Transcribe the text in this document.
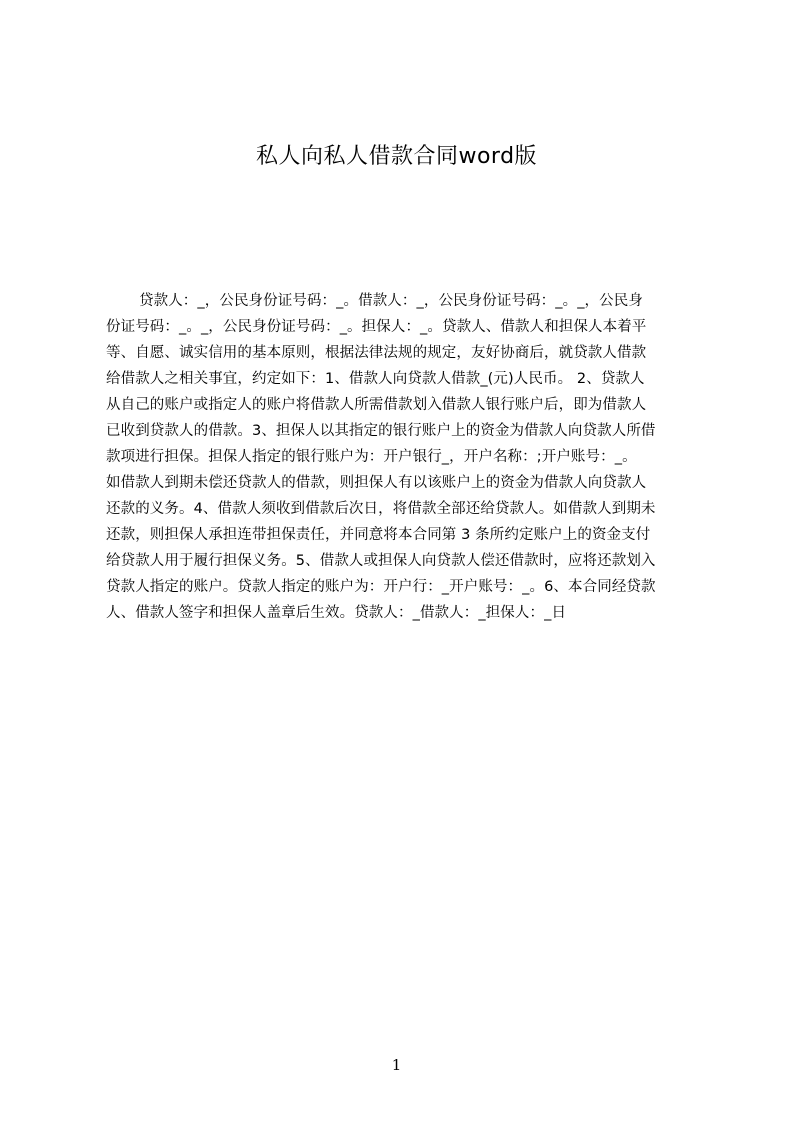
私人向私人借款合同word版
贷款人：_，公民身份证号码：_。借款人：_，公民身份证号码：_。_，公民身
份证号码：_。_，公民身份证号码：_。担保人：_。贷款人、借款人和担保人本着平
等、自愿、诚实信用的基本原则，根据法律法规的规定，友好协商后，就贷款人借款
给借款人之相关事宜，约定如下：1、借款人向贷款人借款_(元)人民币。 2、贷款人
从自己的账户或指定人的账户将借款人所需借款划入借款人银行账户后，即为借款人
已收到贷款人的借款。3、担保人以其指定的银行账户上的资金为借款人向贷款人所借
款项进行担保。担保人指定的银行账户为：开户银行_，开户名称：;开户账号：_。
如借款人到期未偿还贷款人的借款，则担保人有以该账户上的资金为借款人向贷款人
还款的义务。4、借款人须收到借款后次日，将借款全部还给贷款人。如借款人到期未
还款，则担保人承担连带担保责任，并同意将本合同第 3 条所约定账户上的资金支付
给贷款人用于履行担保义务。5、借款人或担保人向贷款人偿还借款时，应将还款划入
贷款人指定的账户。贷款人指定的账户为：开户行：_开户账号：_。6、本合同经贷款
人、借款人签字和担保人盖章后生效。贷款人：_借款人：_担保人：_日
1
